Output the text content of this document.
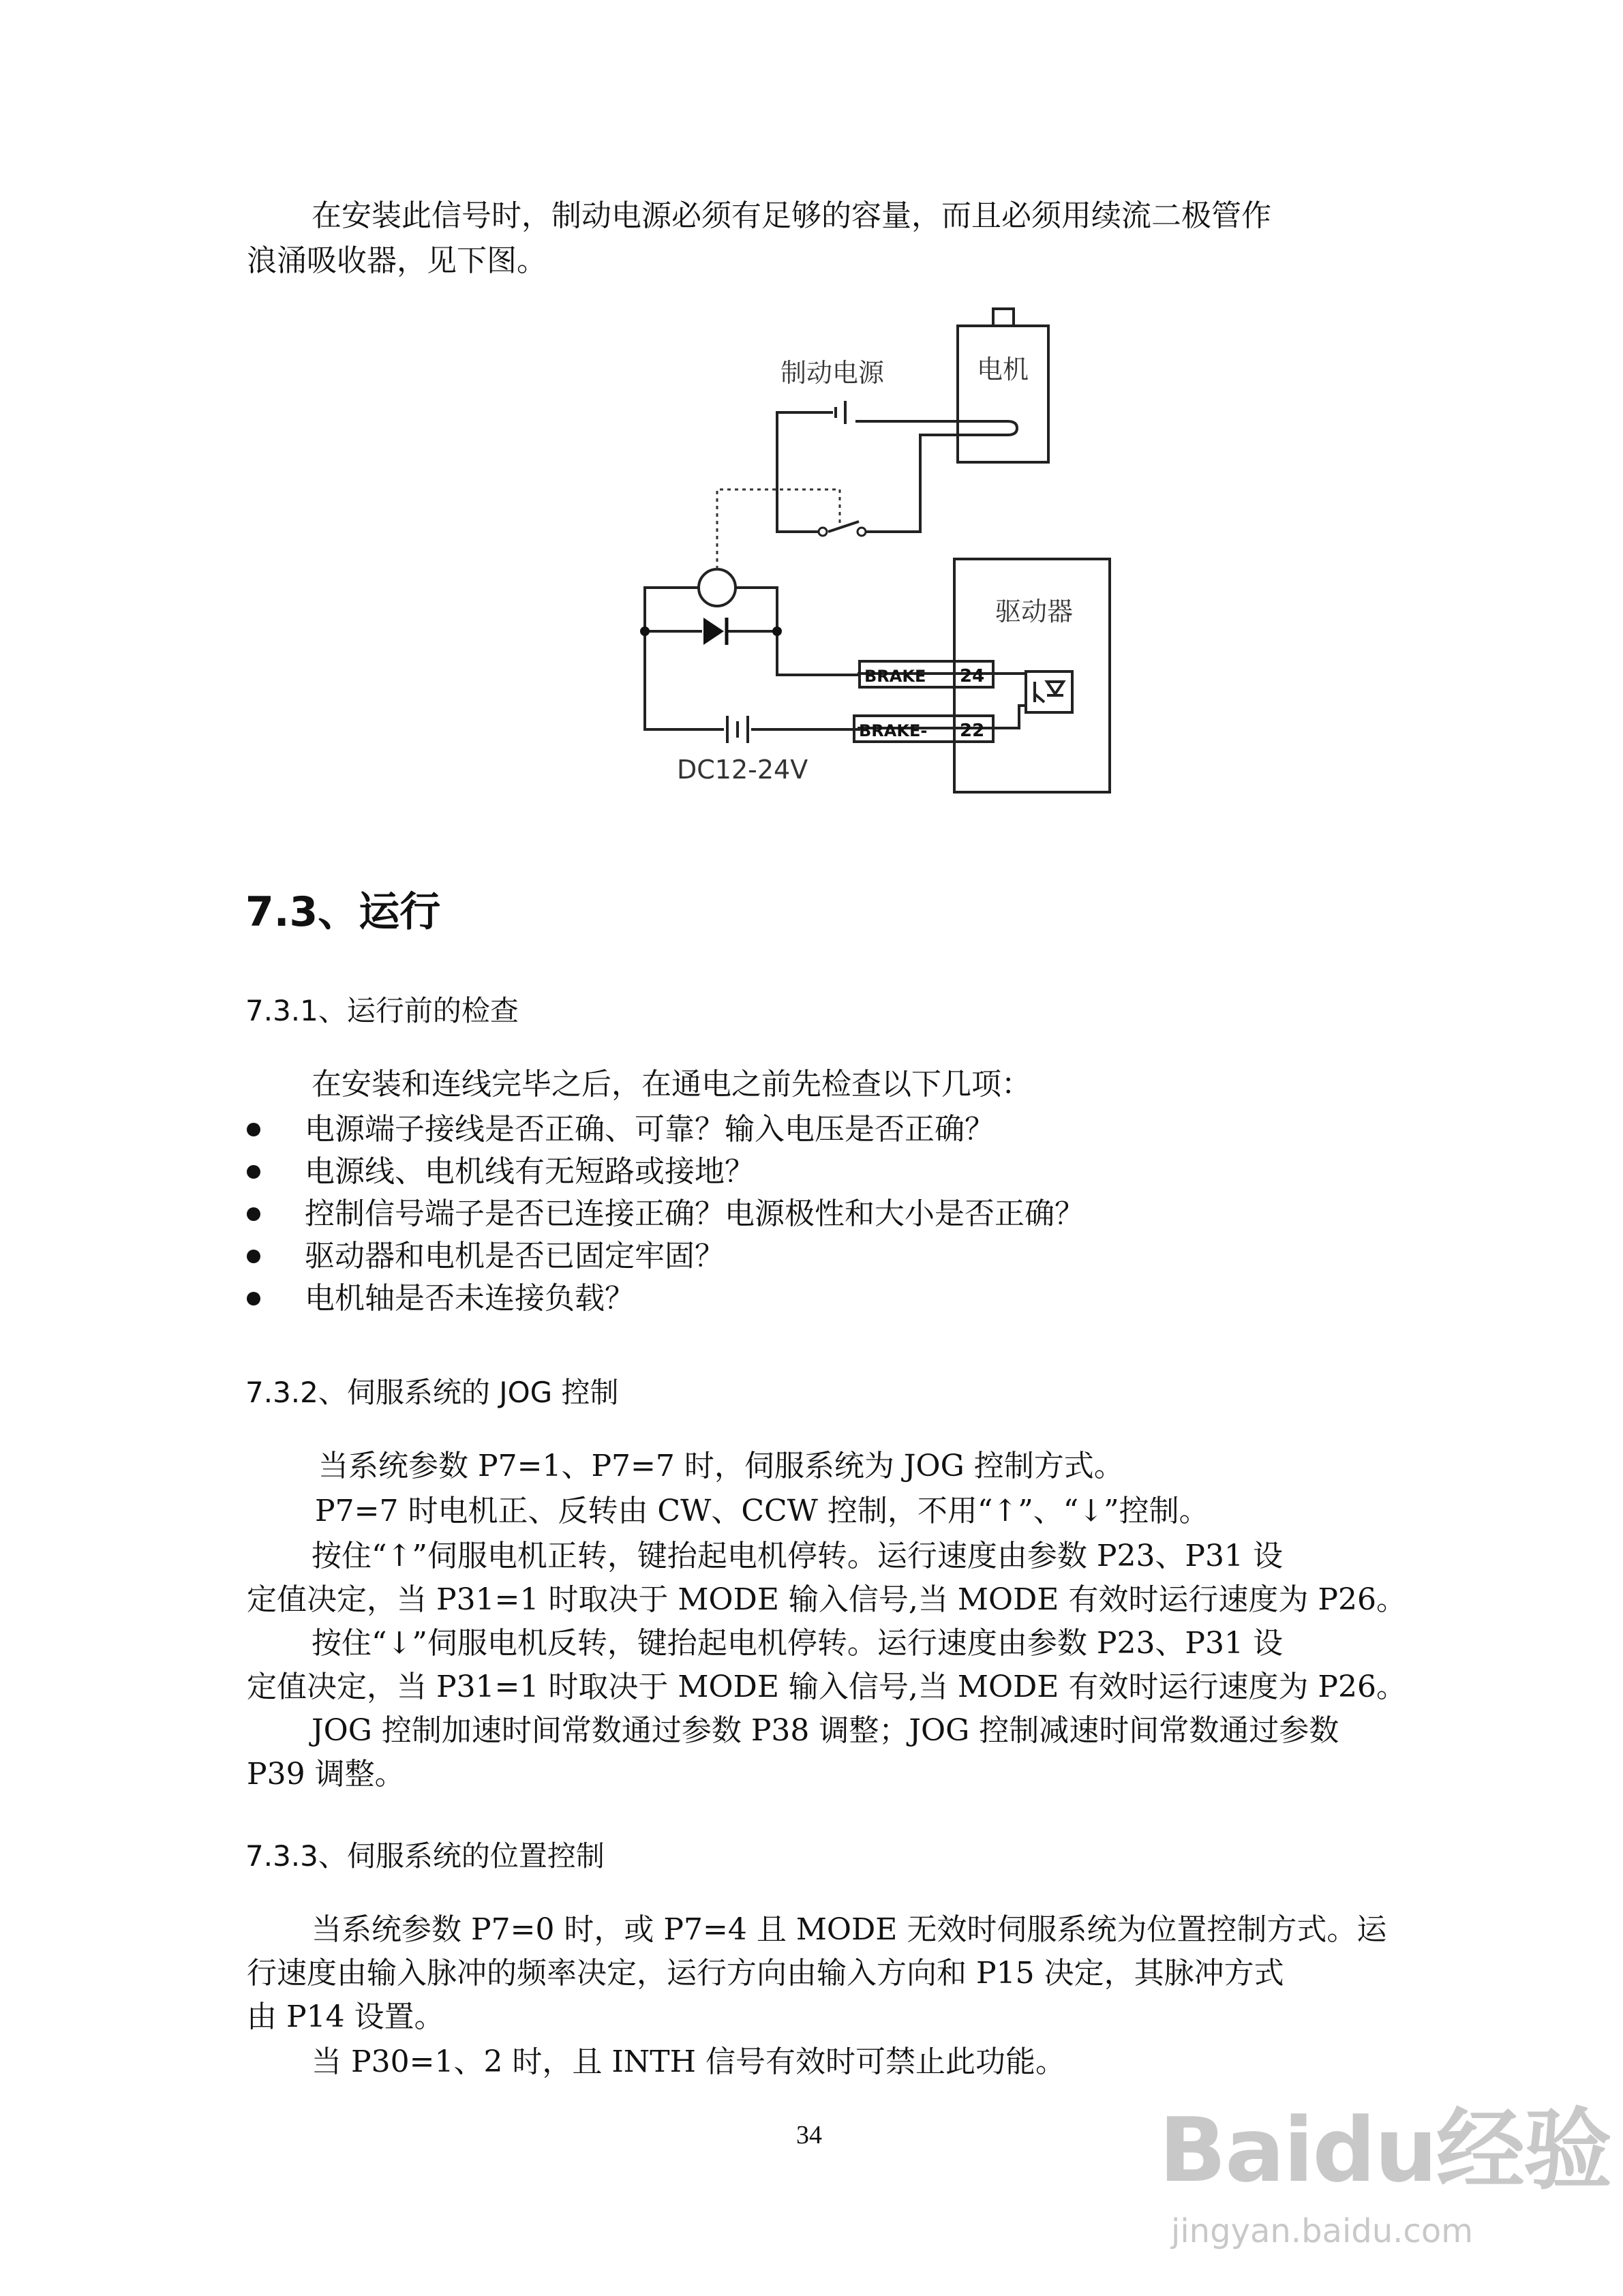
在安装此信号时，制动电源必须有足够的容量，而且必须用续流二极管作
浪涌吸收器，见下图。
制动电源	电机
驱动器
BRAKE 24
BRAKE- 22
DC12-24V
7.3、运行
7.3.1、运行前的检查
在安装和连线完毕之后，在通电之前先检查以下几项：
电源端子接线是否正确、可靠？输入电压是否正确？
电源线、电机线有无短路或接地？
控制信号端子是否已连接正确？电源极性和大小是否正确？
驱动器和电机是否已固定牢固？
电机轴是否未连接负载？
7.3.2、伺服系统的 JOG 控制
当系统参数 P7=1、P7=7 时，伺服系统为 JOG 控制方式。
P7=7 时电机正、反转由 CW、CCW 控制，不用“↑”、“↓”控制。
按住“↑”伺服电机正转，键抬起电机停转。运行速度由参数 P23、P31 设
定值决定，当 P31=1 时取决于 MODE 输入信号,当 MODE 有效时运行速度为 P26。
按住“↓”伺服电机反转，键抬起电机停转。运行速度由参数 P23、P31 设
定值决定，当 P31=1 时取决于 MODE 输入信号,当 MODE 有效时运行速度为 P26。
JOG 控制加速时间常数通过参数 P38 调整；JOG 控制减速时间常数通过参数
P39 调整。
7.3.3、伺服系统的位置控制
当系统参数 P7=0 时，或 P7=4 且 MODE 无效时伺服系统为位置控制方式。运
行速度由输入脉冲的频率决定，运行方向由输入方向和 P15 决定，其脉冲方式
由 P14 设置。
当 P30=1、2 时，且 INTH 信号有效时可禁止此功能。
34	Baidu经验
jingyan.baidu.com
